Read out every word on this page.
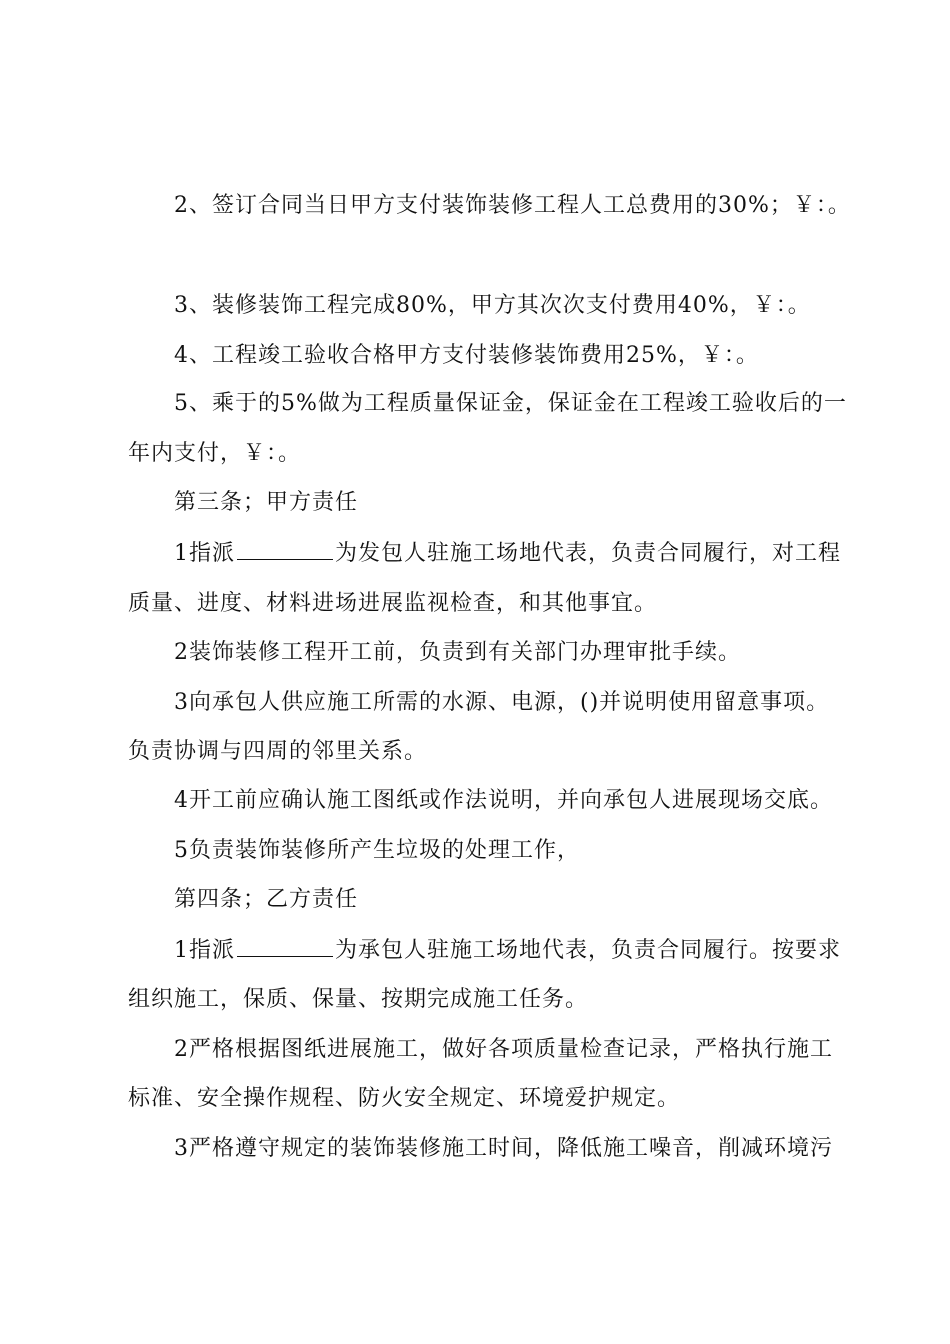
2、签订合同当日甲方支付装饰装修工程人工总费用的30%；￥：。
3、装修装饰工程完成80%，甲方其次次支付费用40%，￥：。
4、工程竣工验收合格甲方支付装修装饰费用25%，￥：。
5、乘于的5%做为工程质量保证金，保证金在工程竣工验收后的一
年内支付，￥：。
第三条；甲方责任
1指派	为发包人驻施工场地代表，负责合同履行，对工程
质量、进度、材料进场进展监视检查，和其他事宜。
2装饰装修工程开工前，负责到有关部门办理审批手续。
3向承包人供应施工所需的水源、电源，()并说明使用留意事项。
负责协调与四周的邻里关系。
4开工前应确认施工图纸或作法说明，并向承包人进展现场交底。
5负责装饰装修所产生垃圾的处理工作，
第四条；乙方责任
1指派	为承包人驻施工场地代表，负责合同履行。按要求
组织施工，保质、保量、按期完成施工任务。
2严格根据图纸进展施工，做好各项质量检查记录，严格执行施工
标准、安全操作规程、防火安全规定、环境爱护规定。
3严格遵守规定的装饰装修施工时间，降低施工噪音，削减环境污
